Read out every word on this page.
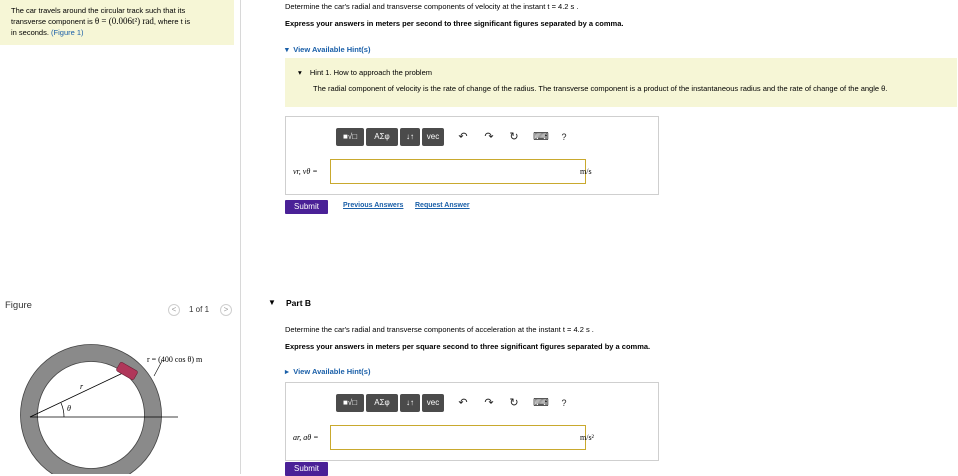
The car travels around the circular track such that its
transverse component is θ = (0.006t²) rad, where t is
in seconds. (Figure 1)
Figure	<	1 of 1	>
r = (400 cos θ) m
r
θ
Determine the car's radial and transverse components of velocity at the instant t = 4.2 s .
Express your answers in meters per second to three significant figures separated by a comma.
▾ View Available Hint(s)
▾ Hint 1. How to approach the problem
The radial component of velocity is the rate of change of the radius. The transverse component is a product of the instantaneous radius and the rate of change of the angle θ.
■√□	ΑΣφ	↓↑	vec	↶ ↷ ↻ ⌨	?
vr, vθ =	m/s
Submit	Previous Answers Request Answer
▼ Part B
Determine the car's radial and transverse components of acceleration at the instant t = 4.2 s .
Express your answers in meters per square second to three significant figures separated by a comma.
▸ View Available Hint(s)
■√□	ΑΣφ	↓↑	vec	↶ ↷ ↻ ⌨	?
ar, aθ =	m/s²
Submit
